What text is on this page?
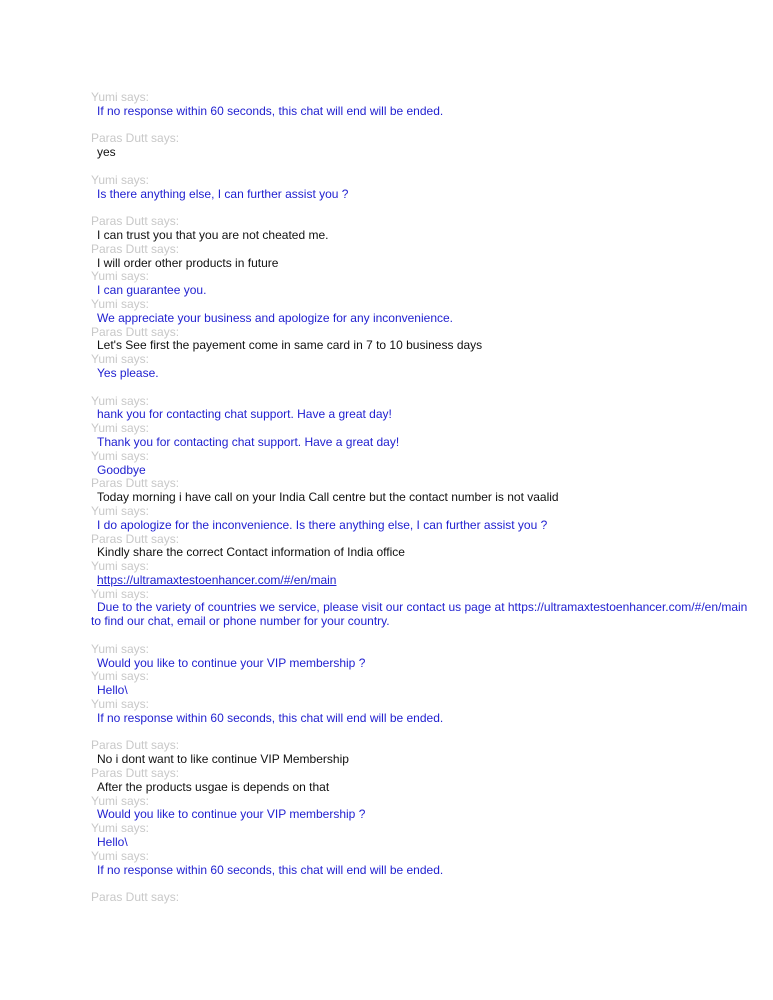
Yumi says:
If no response within 60 seconds, this chat will end will be ended.
Paras Dutt says:
yes
Yumi says:
Is there anything else, I can further assist you ?
Paras Dutt says:
I can trust you that you are not cheated me.
Paras Dutt says:
I will order other products in future
Yumi says:
I can guarantee you.
Yumi says:
We appreciate your business and apologize for any inconvenience.
Paras Dutt says:
Let's See first the payement come in same card in 7 to 10 business days
Yumi says:
Yes please.
Yumi says:
hank you for contacting chat support. Have a great day!
Yumi says:
Thank you for contacting chat support. Have a great day!
Yumi says:
Goodbye
Paras Dutt says:
Today morning i have call on your India Call centre but the contact number is not vaalid
Yumi says:
I do apologize for the inconvenience. Is there anything else, I can further assist you ?
Paras Dutt says:
Kindly share the correct Contact information of India office
Yumi says:
https://ultramaxtestoenhancer.com/#/en/main
Yumi says:
Due to the variety of countries we service, please visit our contact us page at https://ultramaxtestoenhancer.com/#/en/main to find our chat, email or phone number for your country.
Yumi says:
Would you like to continue your VIP membership ?
Yumi says:
Hello\
Yumi says:
If no response within 60 seconds, this chat will end will be ended.
Paras Dutt says:
No i dont want to like continue VIP Membership
Paras Dutt says:
After the products usgae is depends on that
Yumi says:
Would you like to continue your VIP membership ?
Yumi says:
Hello\
Yumi says:
If no response within 60 seconds, this chat will end will be ended.
Paras Dutt says:
